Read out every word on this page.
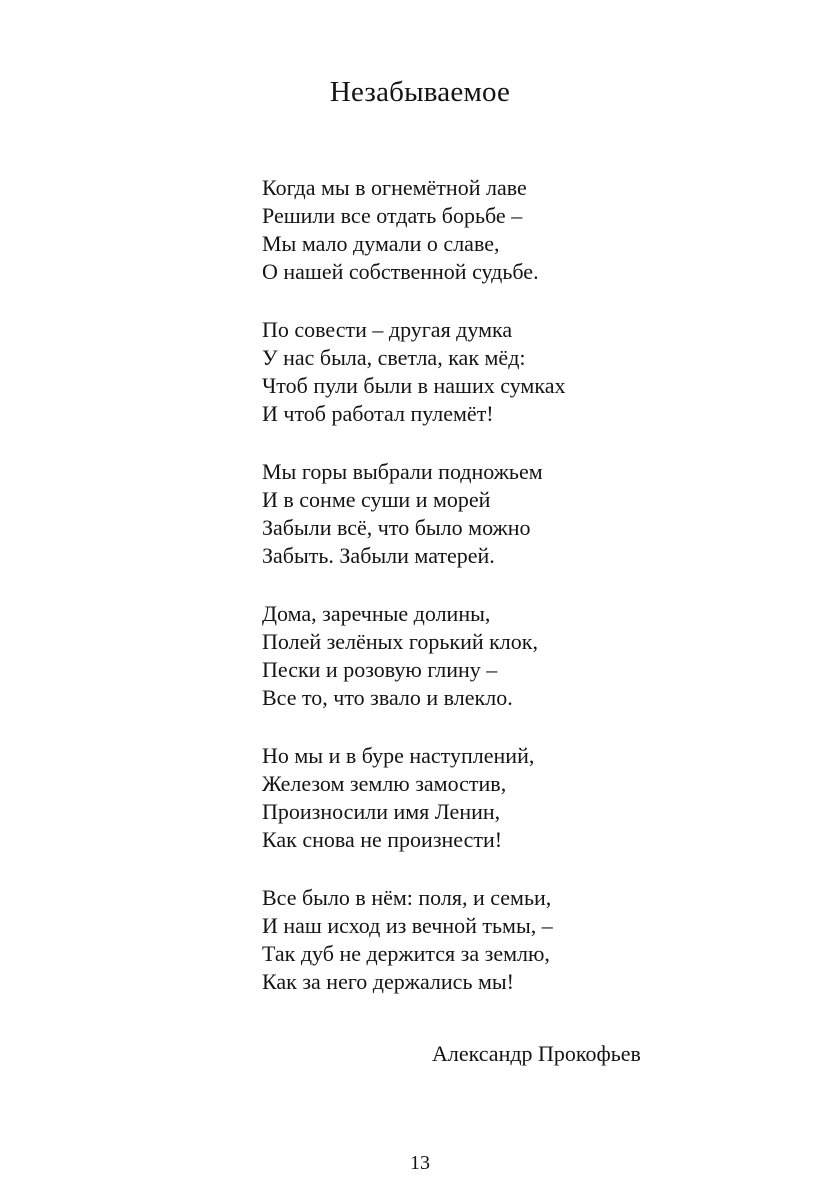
Незабываемое
Когда мы в огнемётной лаве
Решили все отдать борьбе –
Мы мало думали о славе,
О нашей собственной судьбе.
По совести – другая думка
У нас была, светла, как мёд:
Чтоб пули были в наших сумках
И чтоб работал пулемёт!
Мы горы выбрали подножьем
И в сонме суши и морей
Забыли всё, что было можно
Забыть. Забыли матерей.
Дома, заречные долины,
Полей зелёных горький клок,
Пески и розовую глину –
Все то, что звало и влекло.
Но мы и в буре наступлений,
Железом землю замостив,
Произносили имя Ленин,
Как снова не произнести!
Все было в нём: поля, и семьи,
И наш исход из вечной тьмы, –
Так дуб не держится за землю,
Как за него держались мы!
Александр Прокофьев
13
